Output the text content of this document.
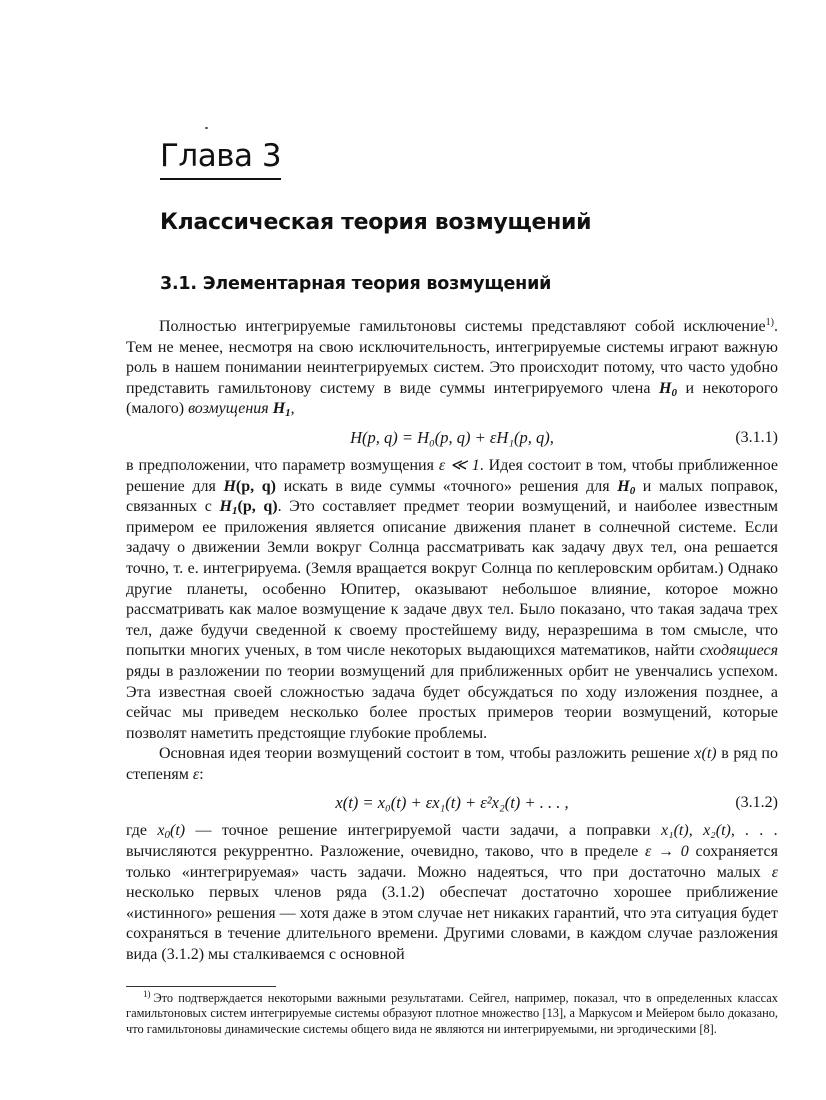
Глава 3
Классическая теория возмущений
3.1. Элементарная теория возмущений

Полностью интегрируемые гамильтоновы системы представляют собой исключение$^{1)}$. Тем не менее, несмотря на свою исключительность, интегрируемые системы играют важную роль в нашем понимании неинтегрируемых систем. Это происходит потому, что часто удобно представить гамильтонову систему в виде суммы интегрируемого члена $H_0$ и некоторого (малого) возмущения $H_1$,

H(p, q) = H₀(p, q) + εH₁(p, q),	(3.1.1)

в предположении, что параметр возмущения ε ≪ 1. Идея состоит в том, чтобы приближенное решение для H(p, q) искать в виде суммы «точного» решения для $H_0$ и малых поправок, связанных с $H_1(p$, q). Это составляет предмет теории возмущений, и наиболее известным примером ее приложения является описание движения планет в солнечной системе. Если задачу о движении Земли вокруг Солнца рассматривать как задачу двух тел, она решается точно, т. е. интегрируема. (Земля вращается вокруг Солнца по кеплеровским орбитам.) Однако другие планеты, особенно Юпитер, оказывают небольшое влияние, которое можно рассматривать как малое возмущение к задаче двух тел. Было показано, что такая задача трех тел, даже будучи сведенной к своему простейшему виду, неразрешима в том смысле, что попытки многих ученых, в том числе некоторых выдающихся математиков, найти сходящиеся ряды в разложении по теории возмущений для приближенных орбит не увенчались успехом. Эта известная своей сложностью задача будет обсуждаться по ходу изложения позднее, а сейчас мы приведем несколько более простых примеров теории возмущений, которые позволят наметить предстоящие глубокие проблемы.

Основная идея теории возмущений состоит в том, чтобы разложить решение x(t) в ряд по степеням ε:

x(t) = x₀(t) + εx₁(t) + ε²x₂(t) + . . . ,	(3.1.2)

где $x_0(t)$ — точное решение интегрируемой части задачи, а поправки x₁(t), x₂(t), . . . вычисляются рекуррентно. Разложение, очевидно, таково, что в пределе ε → 0 сохраняется только «интегрируемая» часть задачи. Можно надеяться, что при достаточно малых ε несколько первых членов ряда (3.1.2) обеспечат достаточно хорошее приближение «истинного» решения — хотя даже в этом случае нет никаких гарантий, что эта ситуация будет сохраняться в течение длительного времени. Другими словами, в каждом случае разложения вида (3.1.2) мы сталкиваемся с основной

$^{1)}$ Это подтверждается некоторыми важными результатами. Сейгел, например, показал, что в определенных классах гамильтоновых систем интегрируемые системы образуют плотное множество [13], а Маркусом и Мейером было доказано, что гамильтоновы динамические системы общего вида не являются ни интегрируемыми, ни эргодическими [8].
